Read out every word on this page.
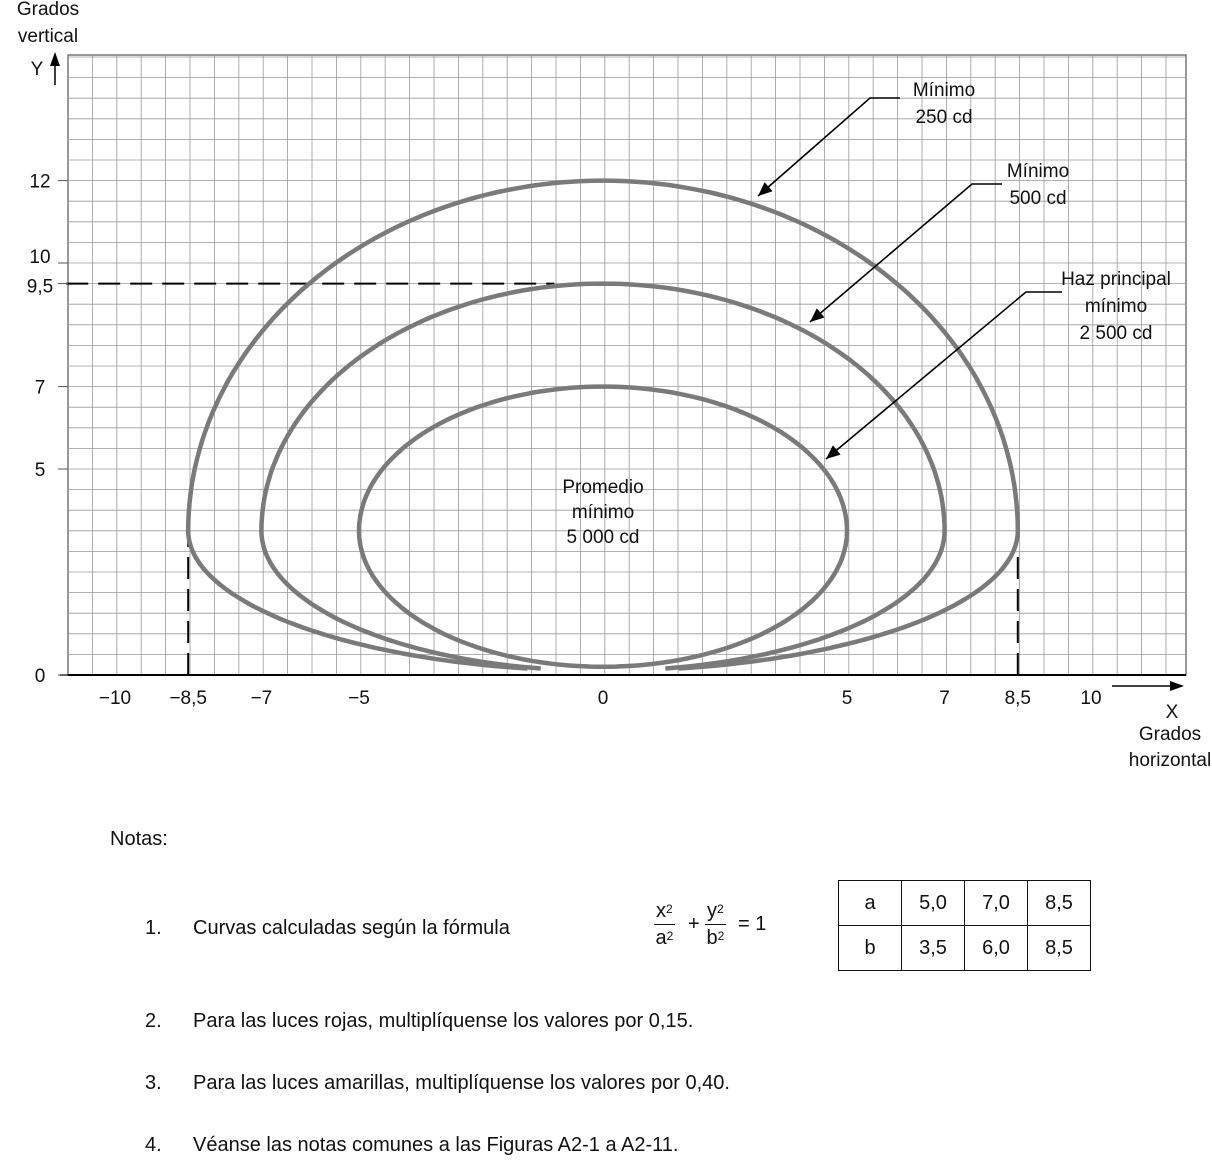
−10 −8,5 −7	−5	0	5	7	8,5	10
0
5
7
9,5
10
12
Mínimo
250 cd
Mínimo
500 cd
Haz principal
mínimo
2 500 cd
Promedio
mínimo
5 000 cd
Grados
vertical
Y
X
Grados
horizontal
Notas:
1. Curvas calculadas según la fórmula	$\frac{x^2}{a^2} + \frac{y^2}{b^2} = 1$
a	5,0	7,0	8,5
b	3,5	6,0	8,5
2. Para las luces rojas, multiplíquense los valores por 0,15.
3. Para las luces amarillas, multiplíquense los valores por 0,40.
4. Véanse las notas comunes a las Figuras A2-1 a A2-11.
